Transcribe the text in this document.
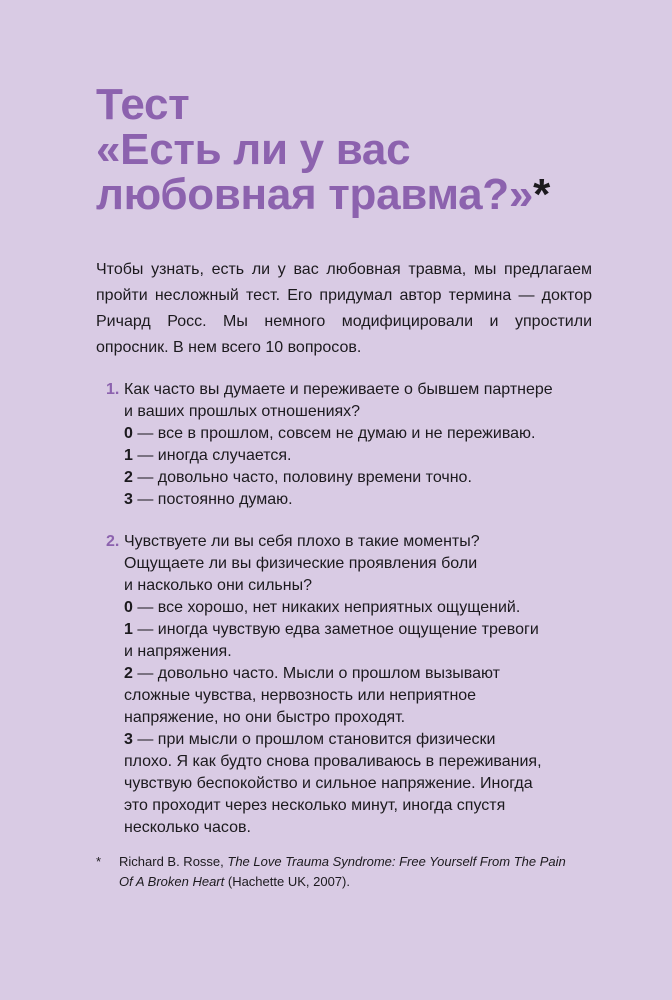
Тест
«Есть ли у вас
любовная травма?»*
Чтобы узнать, есть ли у вас любовная травма, мы предлагаем
пройти несложный тест. Его придумал автор термина — доктор
Ричард Росс. Мы немного модифицировали и упростили
опросник. В нем всего 10 вопросов.
1. Как часто вы думаете и переживаете о бывшем партнере
и ваших прошлых отношениях?
0 — все в прошлом, совсем не думаю и не переживаю.
1 — иногда случается.
2 — довольно часто, половину времени точно.
3 — постоянно думаю.
2. Чувствуете ли вы себя плохо в такие моменты?
Ощущаете ли вы физические проявления боли
и насколько они сильны?
0 — все хорошо, нет никаких неприятных ощущений.
1 — иногда чувствую едва заметное ощущение тревоги
и напряжения.
2 — довольно часто. Мысли о прошлом вызывают
сложные чувства, нервозность или неприятное
напряжение, но они быстро проходят.
3 — при мысли о прошлом становится физически
плохо. Я как будто снова проваливаюсь в переживания,
чувствую беспокойство и сильное напряжение. Иногда
это проходит через несколько минут, иногда спустя
несколько часов.
* Richard B. Rosse, The Love Trauma Syndrome: Free Yourself From The Pain
Of A Broken Heart (Hachette UK, 2007).
